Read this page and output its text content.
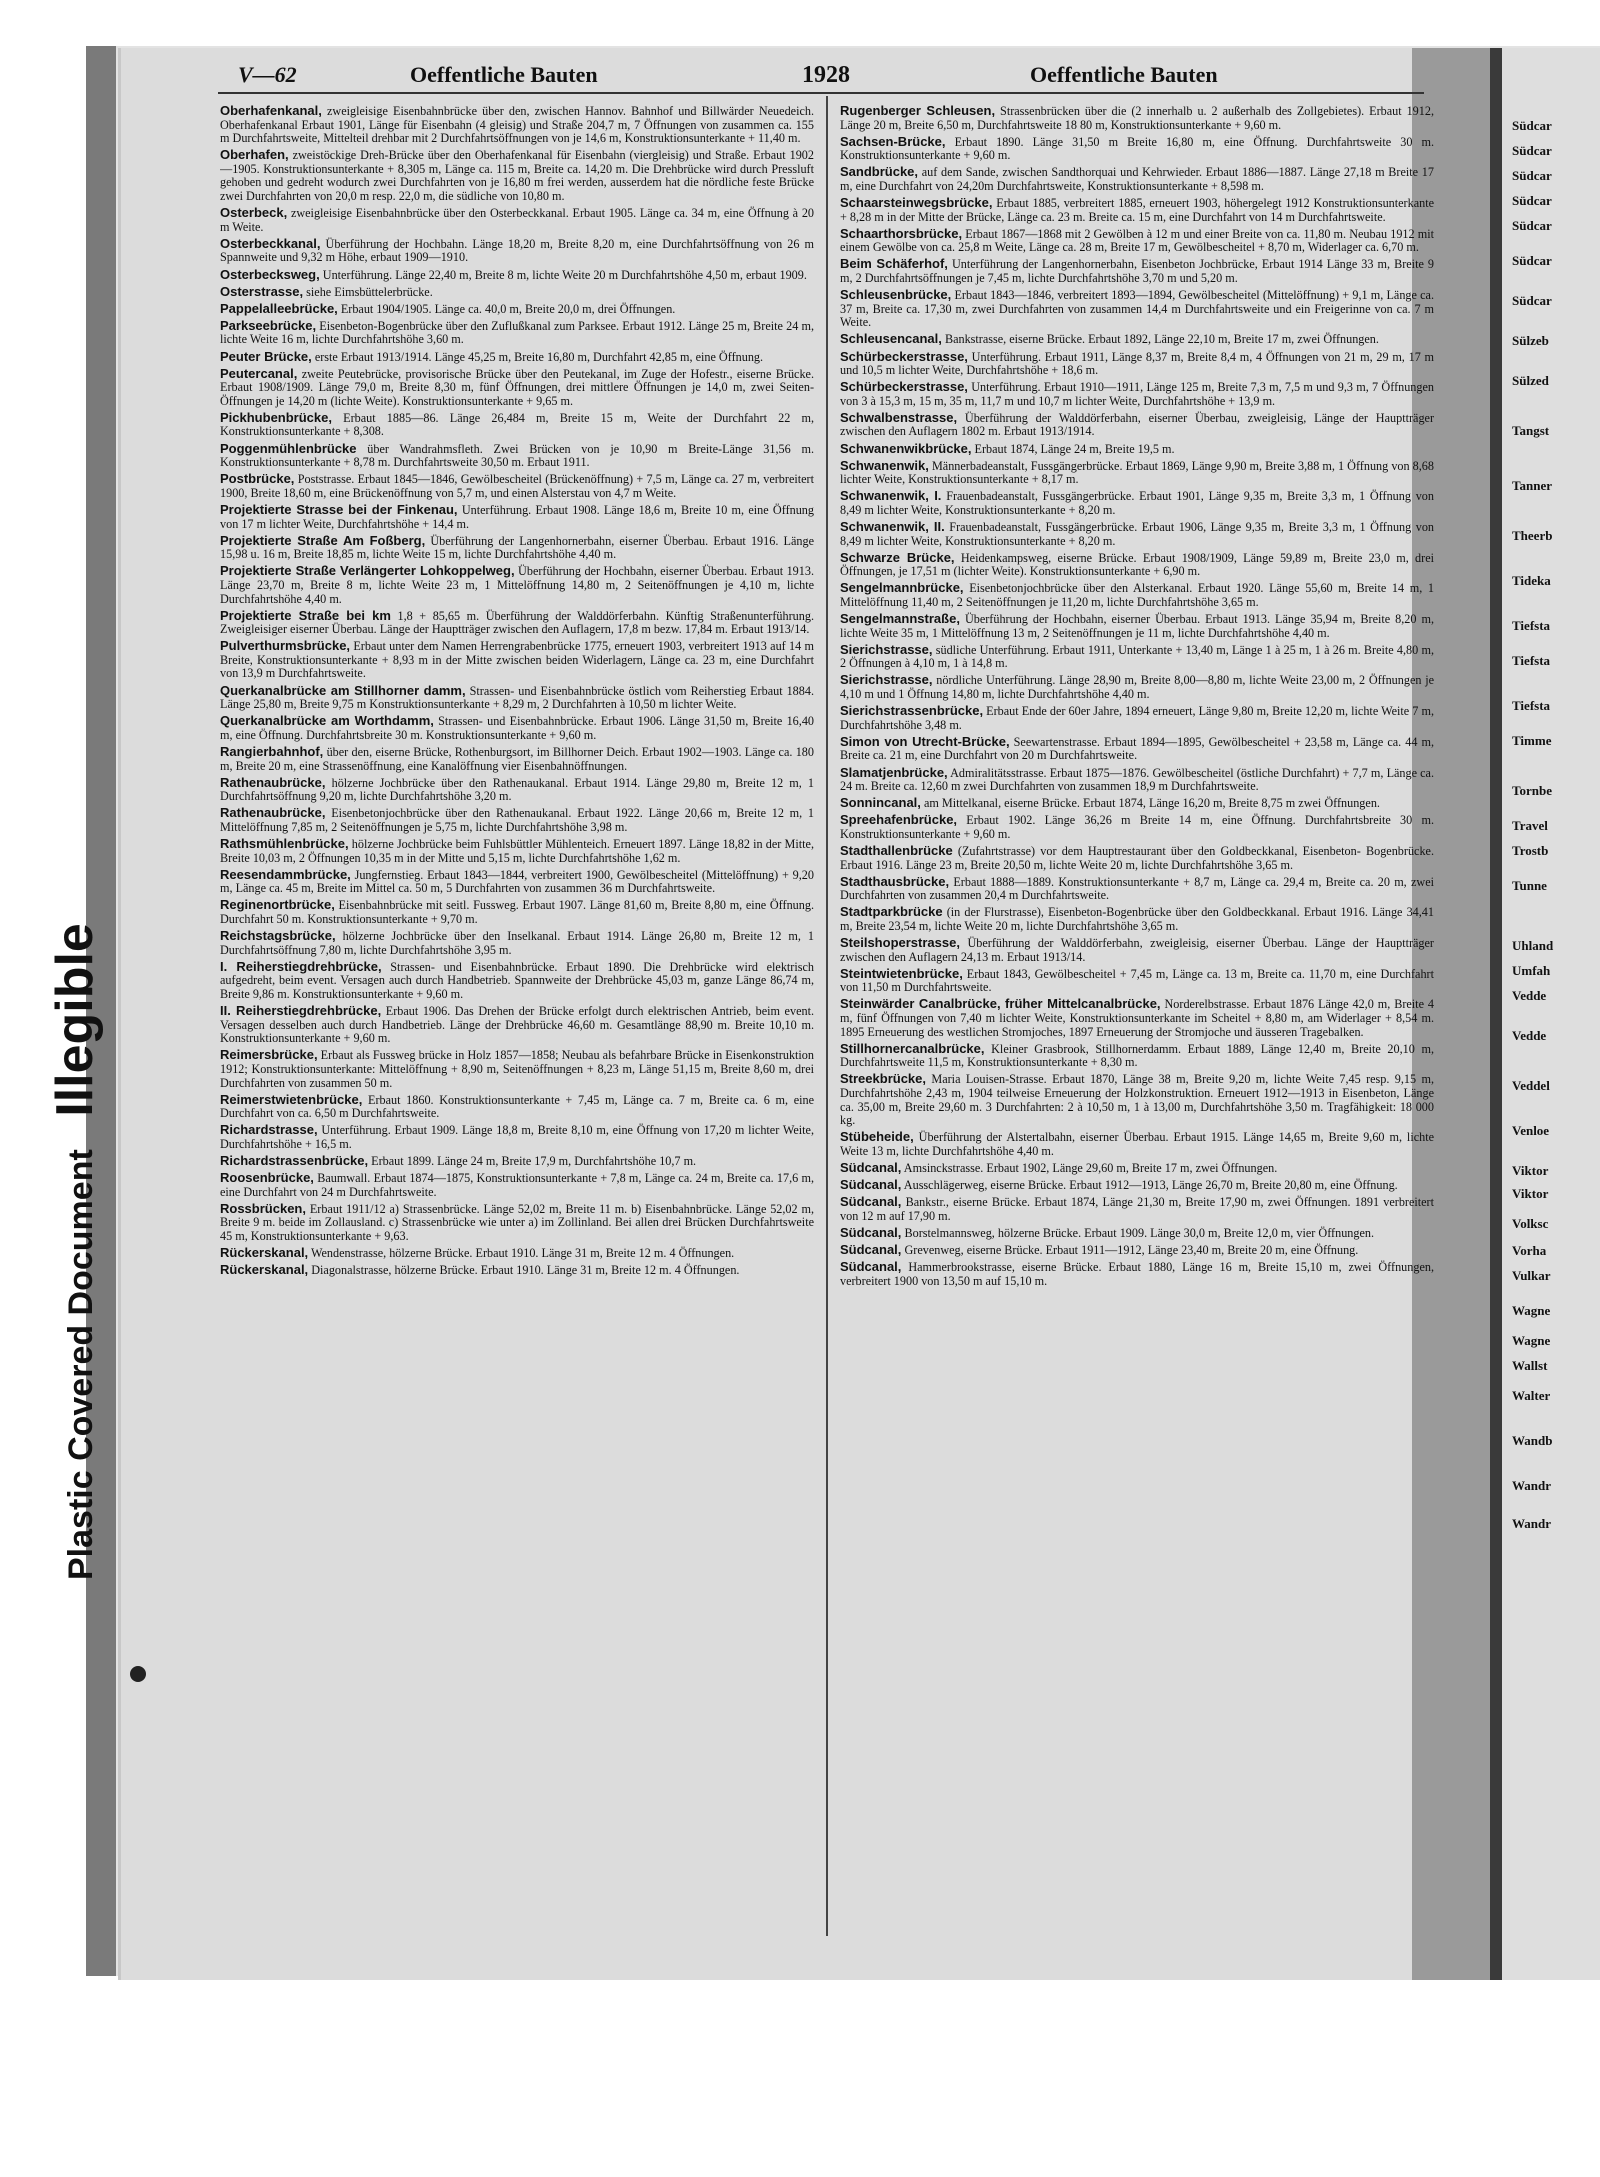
Südcar
Südcar
Südcar
Südcar
Südcar
Südcar
Südcar
Sülzeb
Sülzed
Tangst
Tanner
Theerb
Tideka
Tiefsta
Tiefsta
Tiefsta
Timme
Tornbe
Travel
Trostb
Tunne
Uhland
Umfah
Vedde
Vedde
Veddel
Venloe
Viktor
Viktor
Volksc
Vorha
Vulkar
Wagne
Wagne
Wallst
Walter
Wandb
Wandr
Wandr
Plastic Covered Document Illegible
V—62	Oeffentliche Bauten	1928	Oeffentliche Bauten
Oberhafenkanal, zweigleisige Eisenbahnbrücke über den, zwischen Hannov. Bahnhof und Billwärder Neuedeich. Oberhafenkanal Erbaut 1901, Länge für Eisenbahn (4 gleisig) und Straße 204,7 m, 7 Öffnungen von zusammen ca. 155 m Durchfahrtsweite, Mittelteil drehbar mit 2 Durchfahrtsöffnungen von je 14,6 m, Konstruktionsunterkante + 11,40 m.
Oberhafen, zweistöckige Dreh-Brücke über den Oberhafenkanal für Eisenbahn (viergleisig) und Straße. Erbaut 1902—1905. Konstruktionsunterkante + 8,305 m, Länge ca. 115 m, Breite ca. 14,20 m. Die Drehbrücke wird durch Pressluft gehoben und gedreht wodurch zwei Durchfahrten von je 16,80 m frei werden, ausserdem hat die nördliche feste Brücke zwei Durchfahrten von 20,0 m resp. 22,0 m, die südliche von 10,80 m.
Osterbeck, zweigleisige Eisenbahnbrücke über den Osterbeckkanal. Erbaut 1905. Länge ca. 34 m, eine Öffnung à 20 m Weite.
Osterbeckkanal, Überführung der Hochbahn. Länge 18,20 m, Breite 8,20 m, eine Durchfahrtsöffnung von 26 m Spannweite und 9,32 m Höhe, erbaut 1909—1910.
Osterbecksweg, Unterführung. Länge 22,40 m, Breite 8 m, lichte Weite 20 m Durchfahrtshöhe 4,50 m, erbaut 1909.
Osterstrasse, siehe Eimsbüttelerbrücke.
Pappelalleebrücke, Erbaut 1904/1905. Länge ca. 40,0 m, Breite 20,0 m, drei Öffnungen.
Parkseebrücke, Eisenbeton-Bogenbrücke über den Zuflußkanal zum Parksee. Erbaut 1912. Länge 25 m, Breite 24 m, lichte Weite 16 m, lichte Durchfahrtshöhe 3,60 m.
Peuter Brücke, erste Erbaut 1913/1914. Länge 45,25 m, Breite 16,80 m, Durchfahrt 42,85 m, eine Öffnung.
Peutercanal, zweite Peutebrücke, provisorische Brücke über den Peutekanal, im Zuge der Hofestr., eiserne Brücke. Erbaut 1908/1909. Länge 79,0 m, Breite 8,30 m, fünf Öffnungen, drei mittlere Öffnungen je 14,0 m, zwei Seiten-Öffnungen je 14,20 m (lichte Weite). Konstruktionsunterkante + 9,65 m.
Pickhubenbrücke, Erbaut 1885—86. Länge 26,484 m, Breite 15 m, Weite der Durchfahrt 22 m, Konstruktionsunterkante + 8,308.
Poggenmühlenbrücke über Wandrahmsfleth. Zwei Brücken von je 10,90 m Breite-Länge 31,56 m. Konstruktionsunterkante + 8,78 m. Durchfahrtsweite 30,50 m. Erbaut 1911.
Postbrücke, Poststrasse. Erbaut 1845—1846, Gewölbescheitel (Brückenöffnung) + 7,5 m, Länge ca. 27 m, verbreitert 1900, Breite 18,60 m, eine Brückenöffnung von 5,7 m, und einen Alsterstau von 4,7 m Weite.
Projektierte Strasse bei der Finkenau, Unterführung. Erbaut 1908. Länge 18,6 m, Breite 10 m, eine Öffnung von 17 m lichter Weite, Durchfahrtshöhe + 14,4 m.
Projektierte Straße Am Foßberg, Überführung der Langenhornerbahn, eiserner Überbau. Erbaut 1916. Länge 15,98 u. 16 m, Breite 18,85 m, lichte Weite 15 m, lichte Durchfahrtshöhe 4,40 m.
Projektierte Straße Verlängerter Lohkoppelweg, Überführung der Hochbahn, eiserner Überbau. Erbaut 1913. Länge 23,70 m, Breite 8 m, lichte Weite 23 m, 1 Mittelöffnung 14,80 m, 2 Seitenöffnungen je 4,10 m, lichte Durchfahrtshöhe 4,40 m.
Projektierte Straße bei km 1,8 + 85,65 m. Überführung der Walddörferbahn. Künftig Straßenunterführung. Zweigleisiger eiserner Überbau. Länge der Hauptträger zwischen den Auflagern, 17,8 m bezw. 17,84 m. Erbaut 1913/14.
Pulverthurmsbrücke, Erbaut unter dem Namen Herrengrabenbrücke 1775, erneuert 1903, verbreitert 1913 auf 14 m Breite, Konstruktionsunterkante + 8,93 m in der Mitte zwischen beiden Widerlagern, Länge ca. 23 m, eine Durchfahrt von 13,9 m Durchfahrtsweite.
Querkanalbrücke am Stillhorner damm, Strassen- und Eisenbahnbrücke östlich vom Reiherstieg Erbaut 1884. Länge 25,80 m, Breite 9,75 m Konstruktionsunterkante + 8,29 m, 2 Durchfahrten à 10,50 m lichter Weite.
Querkanalbrücke am Worthdamm, Strassen- und Eisenbahnbrücke. Erbaut 1906. Länge 31,50 m, Breite 16,40 m, eine Öffnung. Durchfahrtsbreite 30 m. Konstruktionsunterkante + 9,60 m.
Rangierbahnhof, über den, eiserne Brücke, Rothenburgsort, im Billhorner Deich. Erbaut 1902—1903. Länge ca. 180 m, Breite 20 m, eine Strassenöffnung, eine Kanalöffnung vier Eisenbahnöffnungen.
Rathenaubrücke, hölzerne Jochbrücke über den Rathenaukanal. Erbaut 1914. Länge 29,80 m, Breite 12 m, 1 Durchfahrtsöffnung 9,20 m, lichte Durchfahrtshöhe 3,20 m.
Rathenaubrücke, Eisenbetonjochbrücke über den Rathenaukanal. Erbaut 1922. Länge 20,66 m, Breite 12 m, 1 Mittelöffnung 7,85 m, 2 Seitenöffnungen je 5,75 m, lichte Durchfahrtshöhe 3,98 m.
Rathsmühlenbrücke, hölzerne Jochbrücke beim Fuhlsbüttler Mühlenteich. Erneuert 1897. Länge 18,82 in der Mitte, Breite 10,03 m, 2 Öffnungen 10,35 m in der Mitte und 5,15 m, lichte Durchfahrtshöhe 1,62 m.
Reesendammbrücke, Jungfernstieg. Erbaut 1843—1844, verbreitert 1900, Gewölbescheitel (Mittelöffnung) + 9,20 m, Länge ca. 45 m, Breite im Mittel ca. 50 m, 5 Durchfahrten von zusammen 36 m Durchfahrtsweite.
Reginenortbrücke, Eisenbahnbrücke mit seitl. Fussweg. Erbaut 1907. Länge 81,60 m, Breite 8,80 m, eine Öffnung. Durchfahrt 50 m. Konstruktionsunterkante + 9,70 m.
Reichstagsbrücke, hölzerne Jochbrücke über den Inselkanal. Erbaut 1914. Länge 26,80 m, Breite 12 m, 1 Durchfahrtsöffnung 7,80 m, lichte Durchfahrtshöhe 3,95 m.
I. Reiherstiegdrehbrücke, Strassen- und Eisenbahnbrücke. Erbaut 1890. Die Drehbrücke wird elektrisch aufgedreht, beim event. Versagen auch durch Handbetrieb. Spannweite der Drehbrücke 45,03 m, ganze Länge 86,74 m, Breite 9,86 m. Konstruktionsunterkante + 9,60 m.
II. Reiherstiegdrehbrücke, Erbaut 1906. Das Drehen der Brücke erfolgt durch elektrischen Antrieb, beim event. Versagen desselben auch durch Handbetrieb. Länge der Drehbrücke 46,60 m. Gesamtlänge 88,90 m. Breite 10,10 m. Konstruktionsunterkante + 9,60 m.
Reimersbrücke, Erbaut als Fussweg brücke in Holz 1857—1858; Neubau als befahrbare Brücke in Eisenkonstruktion 1912; Konstruktionsunterkante: Mittelöffnung + 8,90 m, Seitenöffnungen + 8,23 m, Länge 51,15 m, Breite 8,60 m, drei Durchfahrten von zusammen 50 m.
Reimerstwietenbrücke, Erbaut 1860. Konstruktionsunterkante + 7,45 m, Länge ca. 7 m, Breite ca. 6 m, eine Durchfahrt von ca. 6,50 m Durchfahrtsweite.
Richardstrasse, Unterführung. Erbaut 1909. Länge 18,8 m, Breite 8,10 m, eine Öffnung von 17,20 m lichter Weite, Durchfahrtshöhe + 16,5 m.
Richardstrassenbrücke, Erbaut 1899. Länge 24 m, Breite 17,9 m, Durchfahrtshöhe 10,7 m.
Roosenbrücke, Baumwall. Erbaut 1874—1875, Konstruktionsunterkante + 7,8 m, Länge ca. 24 m, Breite ca. 17,6 m, eine Durchfahrt von 24 m Durchfahrtsweite.
Rossbrücken, Erbaut 1911/12 a) Strassenbrücke. Länge 52,02 m, Breite 11 m. b) Eisenbahnbrücke. Länge 52,02 m, Breite 9 m. beide im Zollausland. c) Strassenbrücke wie unter a) im Zollinland. Bei allen drei Brücken Durchfahrtsweite 45 m, Konstruktionsunterkante + 9,63.
Rückerskanal, Wendenstrasse, hölzerne Brücke. Erbaut 1910. Länge 31 m, Breite 12 m. 4 Öffnungen.
Rückerskanal, Diagonalstrasse, hölzerne Brücke. Erbaut 1910. Länge 31 m, Breite 12 m. 4 Öffnungen.
Rugenberger Schleusen, Strassenbrücken über die (2 innerhalb u. 2 außerhalb des Zollgebietes). Erbaut 1912, Länge 20 m, Breite 6,50 m, Durchfahrtsweite 18 80 m, Konstruktionsunterkante + 9,60 m.
Sachsen-Brücke, Erbaut 1890. Länge 31,50 m Breite 16,80 m, eine Öffnung. Durchfahrtsweite 30 m. Konstruktionsunterkante + 9,60 m.
Sandbrücke, auf dem Sande, zwischen Sandthorquai und Kehrwieder. Erbaut 1886—1887. Länge 27,18 m Breite 17 m, eine Durchfahrt von 24,20m Durchfahrtsweite, Konstruktionsunterkante + 8,598 m.
Schaarsteinwegsbrücke, Erbaut 1885, verbreitert 1885, erneuert 1903, höhergelegt 1912 Konstruktionsunterkante + 8,28 m in der Mitte der Brücke, Länge ca. 23 m. Breite ca. 15 m, eine Durchfahrt von 14 m Durchfahrtsweite.
Schaarthorsbrücke, Erbaut 1867—1868 mit 2 Gewölben à 12 m und einer Breite von ca. 11,80 m. Neubau 1912 mit einem Gewölbe von ca. 25,8 m Weite, Länge ca. 28 m, Breite 17 m, Gewölbescheitel + 8,70 m, Widerlager ca. 6,70 m.
Beim Schäferhof, Unterführung der Langenhornerbahn, Eisenbeton Jochbrücke, Erbaut 1914 Länge 33 m, Breite 9 m, 2 Durchfahrtsöffnungen je 7,45 m, lichte Durchfahrtshöhe 3,70 m und 5,20 m.
Schleusenbrücke, Erbaut 1843—1846, verbreitert 1893—1894, Gewölbescheitel (Mittelöffnung) + 9,1 m, Länge ca. 37 m, Breite ca. 17,30 m, zwei Durchfahrten von zusammen 14,4 m Durchfahrtsweite und ein Freigerinne von ca. 7 m Weite.
Schleusencanal, Bankstrasse, eiserne Brücke. Erbaut 1892, Länge 22,10 m, Breite 17 m, zwei Öffnungen.
Schürbeckerstrasse, Unterführung. Erbaut 1911, Länge 8,37 m, Breite 8,4 m, 4 Öffnungen von 21 m, 29 m, 17 m und 10,5 m lichter Weite, Durchfahrtshöhe + 18,6 m.
Schürbeckerstrasse, Unterführung. Erbaut 1910—1911, Länge 125 m, Breite 7,3 m, 7,5 m und 9,3 m, 7 Öffnungen von 3 à 15,3 m, 15 m, 35 m, 11,7 m und 10,7 m lichter Weite, Durchfahrtshöhe + 13,9 m.
Schwalbenstrasse, Überführung der Walddörferbahn, eiserner Überbau, zweigleisig, Länge der Hauptträger zwischen den Auflagern 1802 m. Erbaut 1913/1914.
Schwanenwikbrücke, Erbaut 1874, Länge 24 m, Breite 19,5 m.
Schwanenwik, Männerbadeanstalt, Fussgängerbrücke. Erbaut 1869, Länge 9,90 m, Breite 3,88 m, 1 Öffnung von 8,68 lichter Weite, Konstruktionsunterkante + 8,17 m.
Schwanenwik, I. Frauenbadeanstalt, Fussgängerbrücke. Erbaut 1901, Länge 9,35 m, Breite 3,3 m, 1 Öffnung von 8,49 m lichter Weite, Konstruktionsunterkante + 8,20 m.
Schwanenwik, II. Frauenbadeanstalt, Fussgängerbrücke. Erbaut 1906, Länge 9,35 m, Breite 3,3 m, 1 Öffnung von 8,49 m lichter Weite, Konstruktionsunterkante + 8,20 m.
Schwarze Brücke, Heidenkampsweg, eiserne Brücke. Erbaut 1908/1909, Länge 59,89 m, Breite 23,0 m, drei Öffnungen, je 17,51 m (lichter Weite). Konstruktionsunterkante + 6,90 m.
Sengelmannbrücke, Eisenbetonjochbrücke über den Alsterkanal. Erbaut 1920. Länge 55,60 m, Breite 14 m, 1 Mittelöffnung 11,40 m, 2 Seitenöffnungen je 11,20 m, lichte Durchfahrtshöhe 3,65 m.
Sengelmannstraße, Überführung der Hochbahn, eiserner Überbau. Erbaut 1913. Länge 35,94 m, Breite 8,20 m, lichte Weite 35 m, 1 Mittelöffnung 13 m, 2 Seitenöffnungen je 11 m, lichte Durchfahrtshöhe 4,40 m.
Sierichstrasse, südliche Unterführung. Erbaut 1911, Unterkante + 13,40 m, Länge 1 à 25 m, 1 à 26 m. Breite 4,80 m, 2 Öffnungen à 4,10 m, 1 à 14,8 m.
Sierichstrasse, nördliche Unterführung. Länge 28,90 m, Breite 8,00—8,80 m, lichte Weite 23,00 m, 2 Öffnungen je 4,10 m und 1 Öffnung 14,80 m, lichte Durchfahrtshöhe 4,40 m.
Sierichstrassenbrücke, Erbaut Ende der 60er Jahre, 1894 erneuert, Länge 9,80 m, Breite 12,20 m, lichte Weite 7 m, Durchfahrtshöhe 3,48 m.
Simon von Utrecht-Brücke, Seewartenstrasse. Erbaut 1894—1895, Gewölbescheitel + 23,58 m, Länge ca. 44 m, Breite ca. 21 m, eine Durchfahrt von 20 m Durchfahrtsweite.
Slamatjenbrücke, Admiralitätsstrasse. Erbaut 1875—1876. Gewölbescheitel (östliche Durchfahrt) + 7,7 m, Länge ca. 24 m. Breite ca. 12,60 m zwei Durchfahrten von zusammen 18,9 m Durchfahrtsweite.
Sonnincanal, am Mittelkanal, eiserne Brücke. Erbaut 1874, Länge 16,20 m, Breite 8,75 m zwei Öffnungen.
Spreehafenbrücke, Erbaut 1902. Länge 36,26 m Breite 14 m, eine Öffnung. Durchfahrtsbreite 30 m. Konstruktionsunterkante + 9,60 m.
Stadthallenbrücke (Zufahrtstrasse) vor dem Hauptrestaurant über den Goldbeckkanal, Eisenbeton- Bogenbrücke. Erbaut 1916. Länge 23 m, Breite 20,50 m, lichte Weite 20 m, lichte Durchfahrtshöhe 3,65 m.
Stadthausbrücke, Erbaut 1888—1889. Konstruktionsunterkante + 8,7 m, Länge ca. 29,4 m, Breite ca. 20 m, zwei Durchfahrten von zusammen 20,4 m Durchfahrtsweite.
Stadtparkbrücke (in der Flurstrasse), Eisenbeton-Bogenbrücke über den Goldbeckkanal. Erbaut 1916. Länge 34,41 m, Breite 23,54 m, lichte Weite 20 m, lichte Durchfahrtshöhe 3,65 m.
Steilshoperstrasse, Überführung der Walddörferbahn, zweigleisig, eiserner Überbau. Länge der Hauptträger zwischen den Auflagern 24,13 m. Erbaut 1913/14.
Steintwietenbrücke, Erbaut 1843, Gewölbescheitel + 7,45 m, Länge ca. 13 m, Breite ca. 11,70 m, eine Durchfahrt von 11,50 m Durchfahrtsweite.
Steinwärder Canalbrücke, früher Mittelcanalbrücke, Norderelbstrasse. Erbaut 1876 Länge 42,0 m, Breite 4 m, fünf Öffnungen von 7,40 m lichter Weite, Konstruktionsunterkante im Scheitel + 8,80 m, am Widerlager + 8,54 m. 1895 Erneuerung des westlichen Stromjoches, 1897 Erneuerung der Stromjoche und äusseren Tragebalken.
Stillhornercanalbrücke, Kleiner Grasbrook, Stillhornerdamm. Erbaut 1889, Länge 12,40 m, Breite 20,10 m, Durchfahrtsweite 11,5 m, Konstruktionsunterkante + 8,30 m.
Streekbrücke, Maria Louisen-Strasse. Erbaut 1870, Länge 38 m, Breite 9,20 m, lichte Weite 7,45 resp. 9,15 m, Durchfahrtshöhe 2,43 m, 1904 teilweise Erneuerung der Holzkonstruktion. Erneuert 1912—1913 in Eisenbeton, Länge ca. 35,00 m, Breite 29,60 m. 3 Durchfahrten: 2 à 10,50 m, 1 à 13,00 m, Durchfahrtshöhe 3,50 m. Tragfähigkeit: 18 000 kg.
Stübeheide, Überführung der Alstertalbahn, eiserner Überbau. Erbaut 1915. Länge 14,65 m, Breite 9,60 m, lichte Weite 13 m, lichte Durchfahrtshöhe 4,40 m.
Südcanal, Amsinckstrasse. Erbaut 1902, Länge 29,60 m, Breite 17 m, zwei Öffnungen.
Südcanal, Ausschlägerweg, eiserne Brücke. Erbaut 1912—1913, Länge 26,70 m, Breite 20,80 m, eine Öffnung.
Südcanal, Bankstr., eiserne Brücke. Erbaut 1874, Länge 21,30 m, Breite 17,90 m, zwei Öffnungen. 1891 verbreitert von 12 m auf 17,90 m.
Südcanal, Borstelmannsweg, hölzerne Brücke. Erbaut 1909. Länge 30,0 m, Breite 12,0 m, vier Öffnungen.
Südcanal, Grevenweg, eiserne Brücke. Erbaut 1911—1912, Länge 23,40 m, Breite 20 m, eine Öffnung.
Südcanal, Hammerbrookstrasse, eiserne Brücke. Erbaut 1880, Länge 16 m, Breite 15,10 m, zwei Öffnungen, verbreitert 1900 von 13,50 m auf 15,10 m.
